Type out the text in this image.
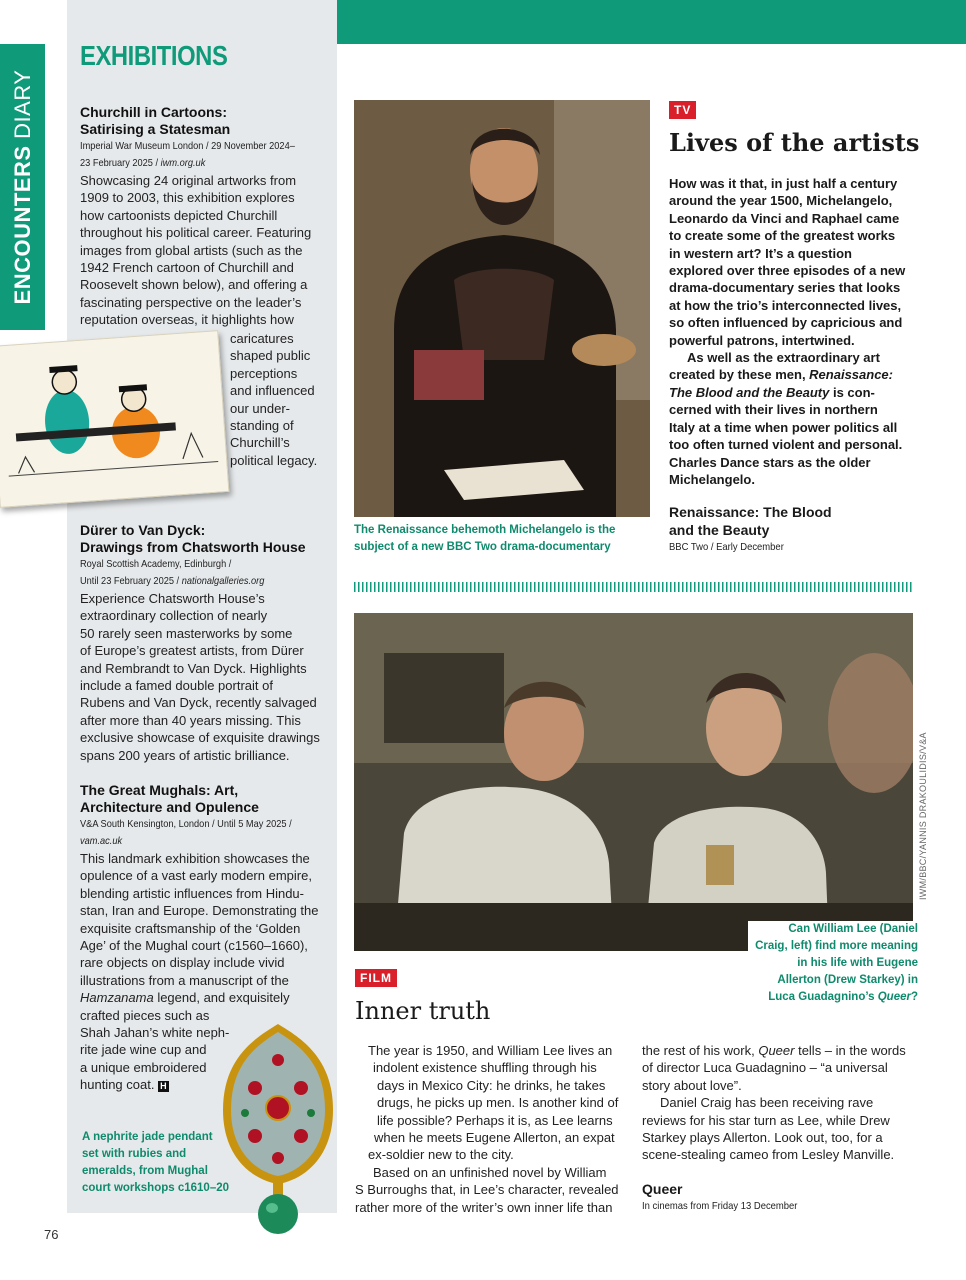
ENCOUNTERS DIARY
EXHIBITIONS
Churchill in Cartoons:
Satirising a Statesman
Imperial War Museum London / 29 November 2024–
23 February 2025 / iwm.org.uk
Showcasing 24 original artworks from
1909 to 2003, this exhibition explores
how cartoonists depicted Churchill
throughout his political career. Featuring
images from global artists (such as the
1942 French cartoon of Churchill and
Roosevelt shown below), and offering a
fascinating perspective on the leader’s
reputation overseas, it highlights how
caricatures
shaped public
perceptions
and influenced
our under-
standing of
Churchill’s
political legacy.
Dürer to Van Dyck:
Drawings from Chatsworth House
Royal Scottish Academy, Edinburgh /
Until 23 February 2025 / nationalgalleries.org
Experience Chatsworth House’s
extraordinary collection of nearly
50 rarely seen masterworks by some
of Europe’s greatest artists, from Dürer
and Rembrandt to Van Dyck. Highlights
include a famed double portrait of
Rubens and Van Dyck, recently salvaged
after more than 40 years missing. This
exclusive showcase of exquisite drawings
spans 200 years of artistic brilliance.
The Great Mughals: Art,
Architecture and Opulence
V&A South Kensington, London / Until 5 May 2025 /
vam.ac.uk
This landmark exhibition showcases the
opulence of a vast early modern empire,
blending artistic influences from Hindu-
stan, Iran and Europe. Demonstrating the
exquisite craftsmanship of the ‘Golden
Age’ of the Mughal court (c1560–1660),
rare objects on display include vivid
illustrations from a manuscript of the
Hamzanama legend, and exquisitely
crafted pieces such as
Shah Jahan’s white neph-
rite jade wine cup and
a unique embroidered
hunting coat. H
A nephrite jade pendant
set with rubies and
emeralds, from Mughal
court workshops c1610–20
76
The Renaissance behemoth Michelangelo is the
subject of a new BBC Two drama-documentary
TV
Lives of the artists
How was it that, in just half a century
around the year 1500, Michelangelo,
Leonardo da Vinci and Raphael came
to create some of the greatest works
in western art? It’s a question
explored over three episodes of a new
drama-documentary series that looks
at how the trio’s interconnected lives,
so often influenced by capricious and
powerful patrons, intertwined.
As well as the extraordinary art
created by these men, Renaissance:
The Blood and the Beauty is con-
cerned with their lives in northern
Italy at a time when power politics all
too often turned violent and personal.
Charles Dance stars as the older
Michelangelo.
Renaissance: The Blood
and the Beauty
BBC Two / Early December
IWM/BBC/YANNIS DRAKOULIDIS/V&A
Can William Lee (Daniel
Craig, left) find more meaning
in his life with Eugene
Allerton (Drew Starkey) in
Luca Guadagnino’s Queer?
FILM
Inner truth
The year is 1950, and William Lee lives an
indolent existence shuffling through his
days in Mexico City: he drinks, he takes
drugs, he picks up men. Is another kind of
life possible? Perhaps it is, as Lee learns
when he meets Eugene Allerton, an expat
ex-soldier new to the city.
Based on an unfinished novel by William
S Burroughs that, in Lee’s character, revealed
rather more of the writer’s own inner life than
the rest of his work, Queer tells – in the words
of director Luca Guadagnino – “a universal
story about love”.
Daniel Craig has been receiving rave
reviews for his star turn as Lee, while Drew
Starkey plays Allerton. Look out, too, for a
scene-stealing cameo from Lesley Manville.
Queer
In cinemas from Friday 13 December
